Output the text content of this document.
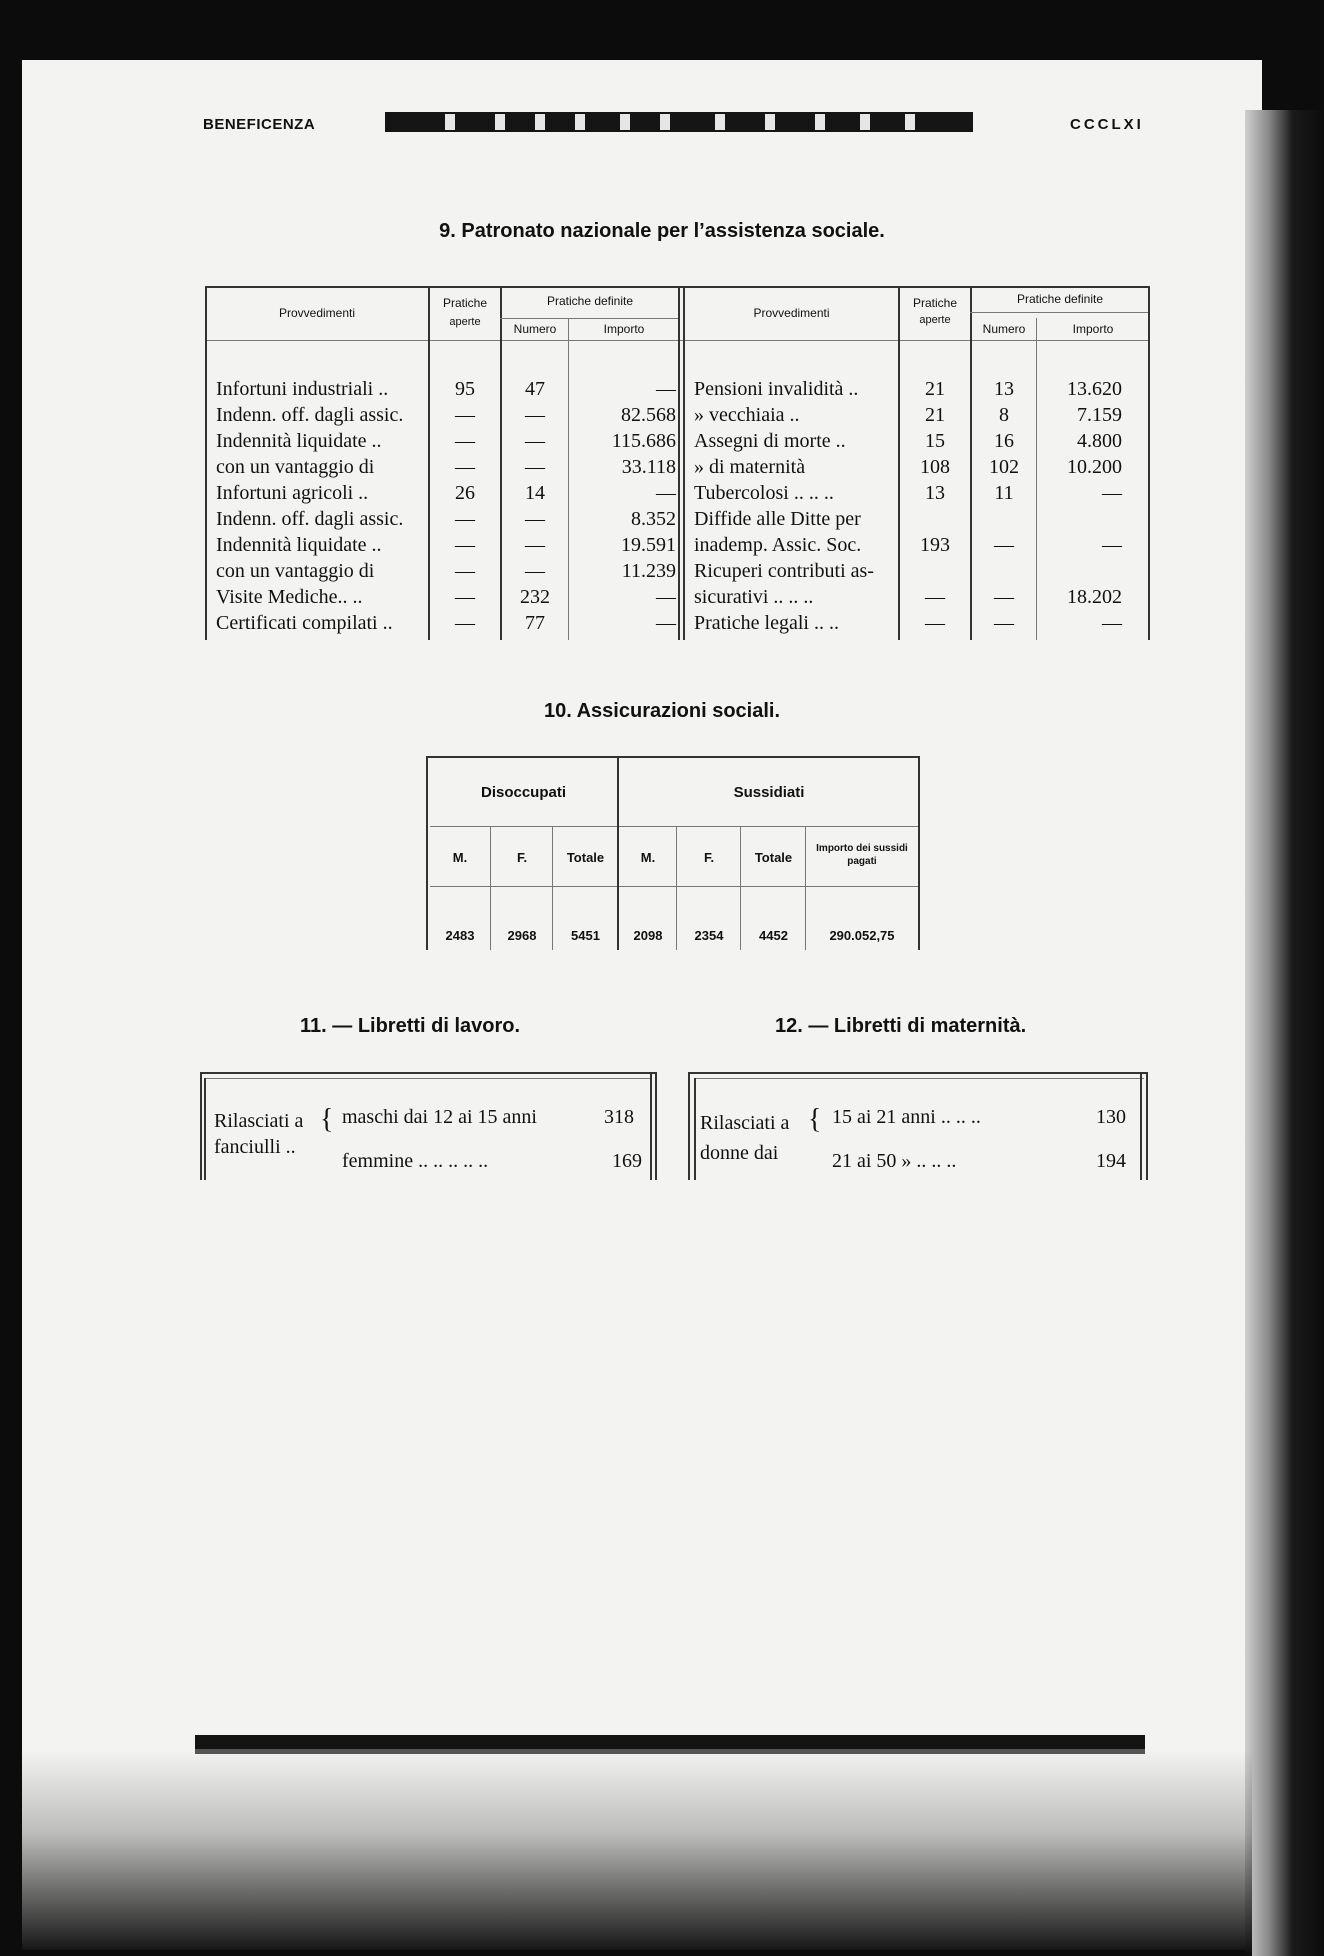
BENEFICENZA	CCCLXI
9. Patronato nazionale per l’assistenza sociale.
Provvedimenti
Pratiche
aperte
Pratiche definite
Numero	Importo
Provvedimenti
Pratiche
aperte
Pratiche definite
Numero	Importo
Infortuni industriali ..	95	47	—
Indenn. off. dagli assic.	—	—	82.568
Indennità liquidate ..	—	—	115.686
con un vantaggio di	—	—	33.118
Infortuni agricoli ..	26	14	—
Indenn. off. dagli assic.	—	—	8.352
Indennità liquidate ..	—	—	19.591
con un vantaggio di	—	—	11.239
Visite Mediche.. ..	—	232	—
Certificati compilati ..	—	77	—
Pensioni invalidità ..	21	13	13.620
» vecchiaia ..	21	8	7.159
Assegni di morte ..	15	16	4.800
» di maternità	108	102	10.200
Tubercolosi .. .. ..	13	11	—
Diffide alle Ditte per
inademp. Assic. Soc.	193	—	—
Ricuperi contributi as-
sicurativi .. .. ..	—	—	18.202
Pratiche legali .. ..	—	—	—
10. Assicurazioni sociali.
Disoccupati	Sussidiati
M.	F.	Totale	M.	F.	Totale
Importo dei sussidi pagati
2483	2968	5451	2098	2354	4452	290.052,75
11. — Libretti di lavoro.
Rilasciati a
fanciulli ..
{ maschi dai 12 ai 15 anni	318
femmine .. .. .. .. ..	169
12. — Libretti di maternità.
Rilasciati a
donne dai
{ 15 ai 21 anni .. .. ..	130
21 ai 50 » .. .. ..	194
